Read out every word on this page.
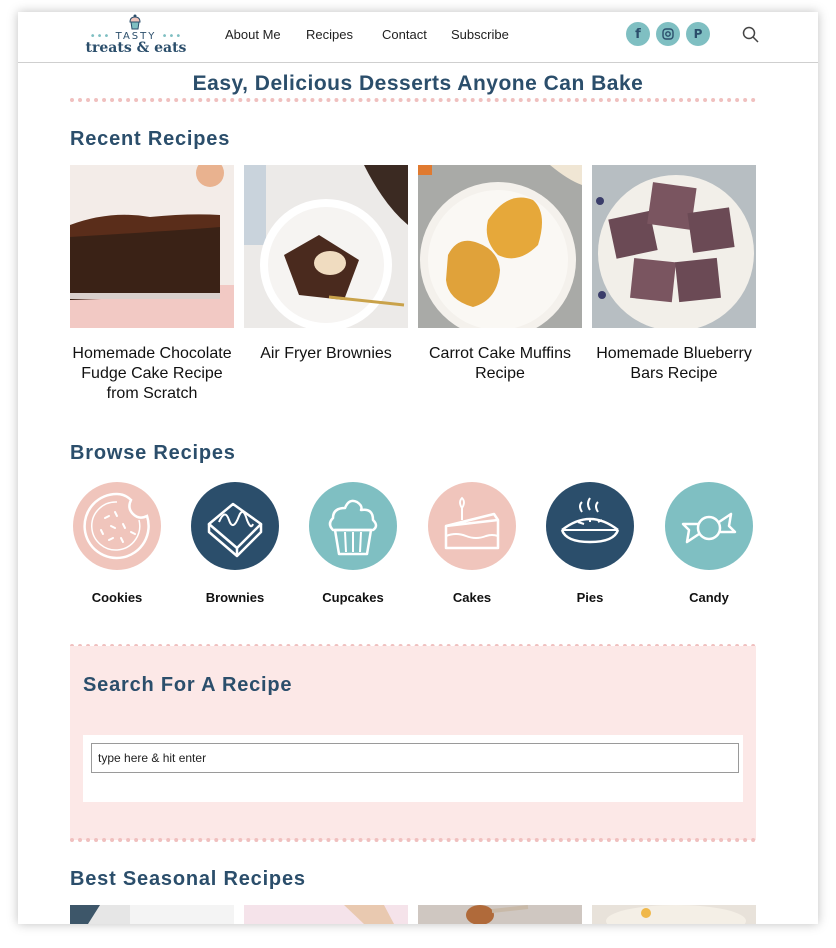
••• TASTY •••
treats & eats
About Me Recipes Contact Subscribe	f	P
Easy, Delicious Desserts Anyone Can Bake
Recent Recipes
Homemade Chocolate Fudge Cake Recipe from Scratch
Air Fryer Brownies	Carrot Cake Muffins Recipe
Homemade Blueberry Bars Recipe
Browse Recipes
Cookies	Brownies	Cupcakes	Cakes	Pies	Candy
Search For A Recipe
type here & hit enter
Best Seasonal Recipes
